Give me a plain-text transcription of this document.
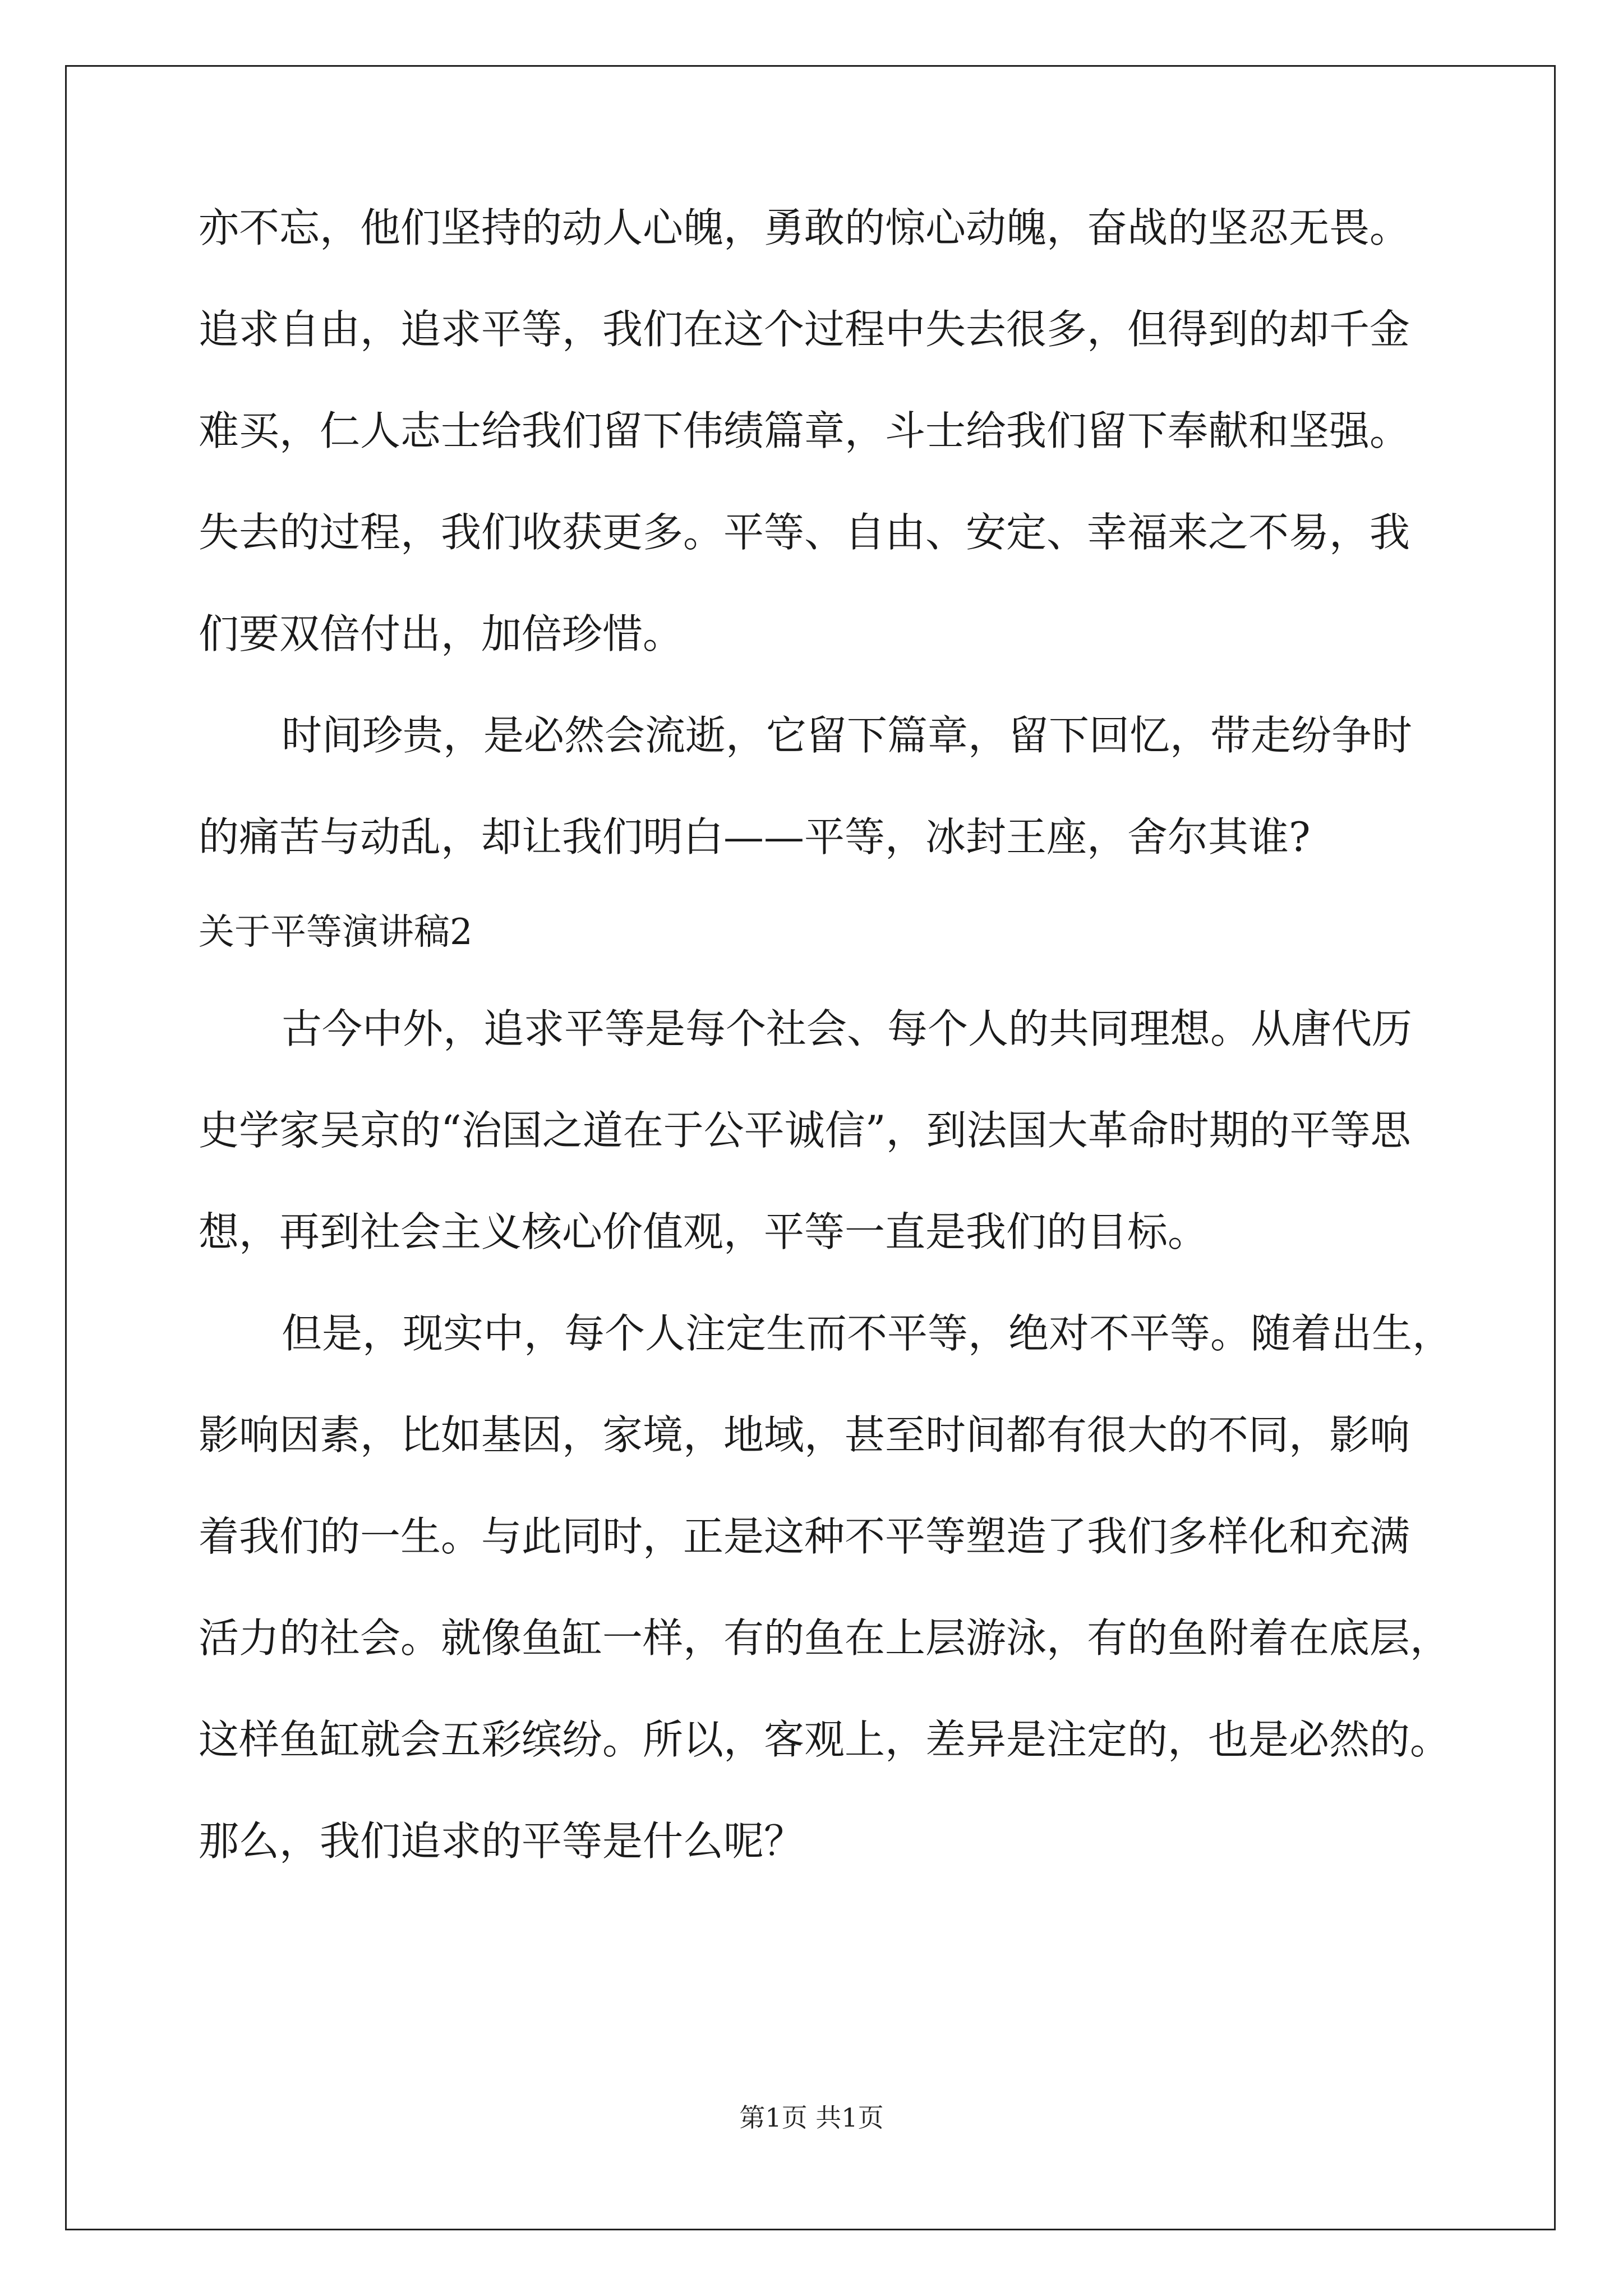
亦不忘，他们坚持的动人心魄，勇敢的惊心动魄，奋战的坚忍无畏。
追求自由，追求平等，我们在这个过程中失去很多，但得到的却千金
难买，仁人志士给我们留下伟绩篇章，斗士给我们留下奉献和坚强。
失去的过程，我们收获更多。平等、自由、安定、幸福来之不易，我
们要双倍付出，加倍珍惜。
时间珍贵，是必然会流逝，它留下篇章，留下回忆，带走纷争时
的痛苦与动乱，却让我们明白——平等，冰封王座，舍尔其谁?
关于平等演讲稿2
古今中外，追求平等是每个社会、每个人的共同理想。从唐代历
史学家吴京的“治国之道在于公平诚信”，到法国大革命时期的平等思
想，再到社会主义核心价值观，平等一直是我们的目标。
但是，现实中，每个人注定生而不平等，绝对不平等。随着出生，
影响因素，比如基因，家境，地域，甚至时间都有很大的不同，影响
着我们的一生。与此同时，正是这种不平等塑造了我们多样化和充满
活力的社会。就像鱼缸一样，有的鱼在上层游泳，有的鱼附着在底层，
这样鱼缸就会五彩缤纷。所以，客观上，差异是注定的，也是必然的。
那么，我们追求的平等是什么呢？
第1页 共1页
